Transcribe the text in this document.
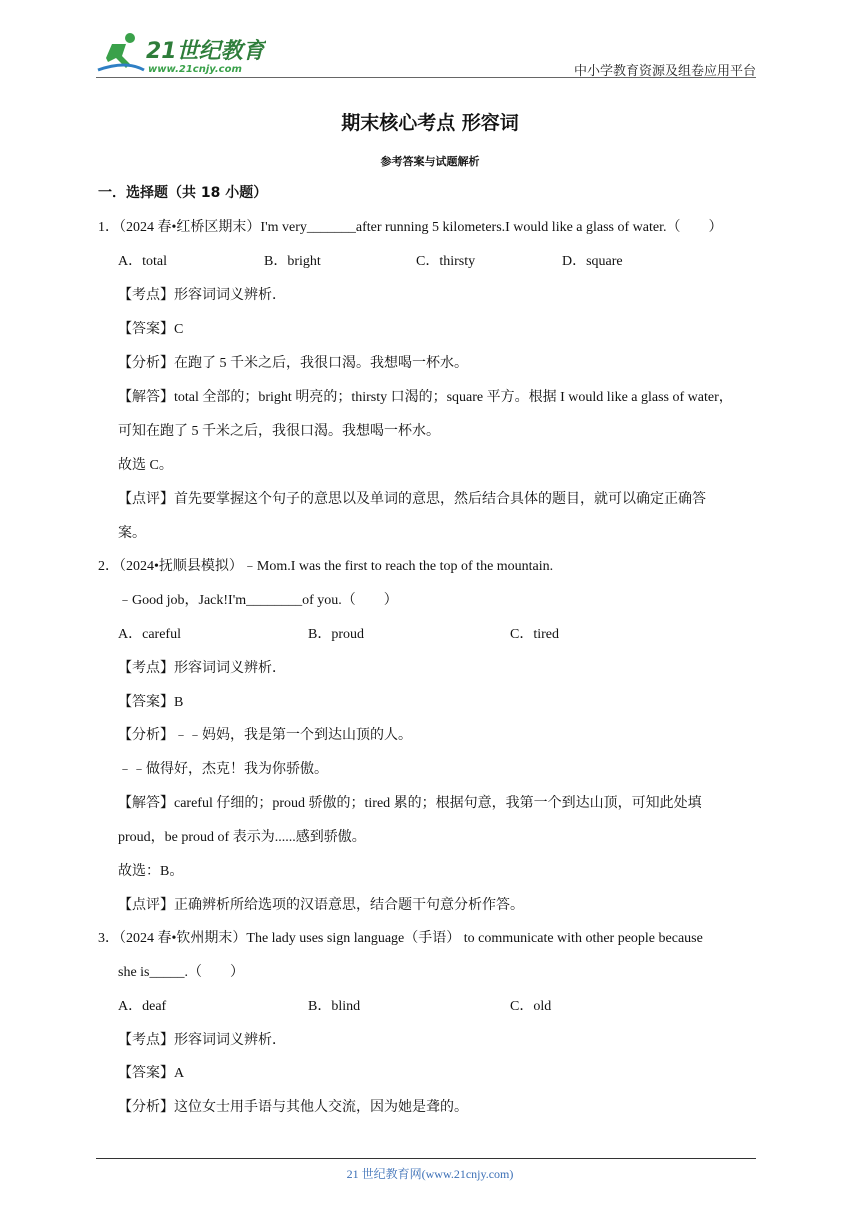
21世纪教育
www.21cnjy.com	中小学教育资源及组卷应用平台
期末核心考点 形容词
参考答案与试题解析
一．选择题（共 18 小题）
1．（2024 春•红桥区期末）I'm very_______after running 5 kilometers.I would like a glass of water.（　　）
A．total	B．bright	C．thirsty	D．square
【考点】形容词词义辨析．
【答案】C
【分析】在跑了 5 千米之后，我很口渴。我想喝一杯水。
【解答】total 全部的；bright 明亮的；thirsty 口渴的；square 平方。根据 I would like a glass of water，
可知在跑了 5 千米之后，我很口渴。我想喝一杯水。
故选 C。
【点评】首先要掌握这个句子的意思以及单词的意思，然后结合具体的题目，就可以确定正确答
案。
2．（2024•抚顺县模拟）﹣Mom.I was the first to reach the top of the mountain.
﹣Good job，Jack!I'm________of you.（　　）
A．careful	B．proud	C．tired
【考点】形容词词义辨析．
【答案】B
【分析】﹣﹣妈妈，我是第一个到达山顶的人。
﹣﹣做得好，杰克！我为你骄傲。
【解答】careful 仔细的；proud 骄傲的；tired 累的；根据句意，我第一个到达山顶，可知此处填
proud，be proud of 表示为......感到骄傲。
故选：B。
【点评】正确辨析所给选项的汉语意思，结合题干句意分析作答。
3．（2024 春•钦州期末）The lady uses sign language（手语） to communicate with other people because
she is_____.（　　）
A．deaf	B．blind	C．old
【考点】形容词词义辨析．
【答案】A
【分析】这位女士用手语与其他人交流，因为她是聋的。
21 世纪教育网(www.21cnjy.com)
